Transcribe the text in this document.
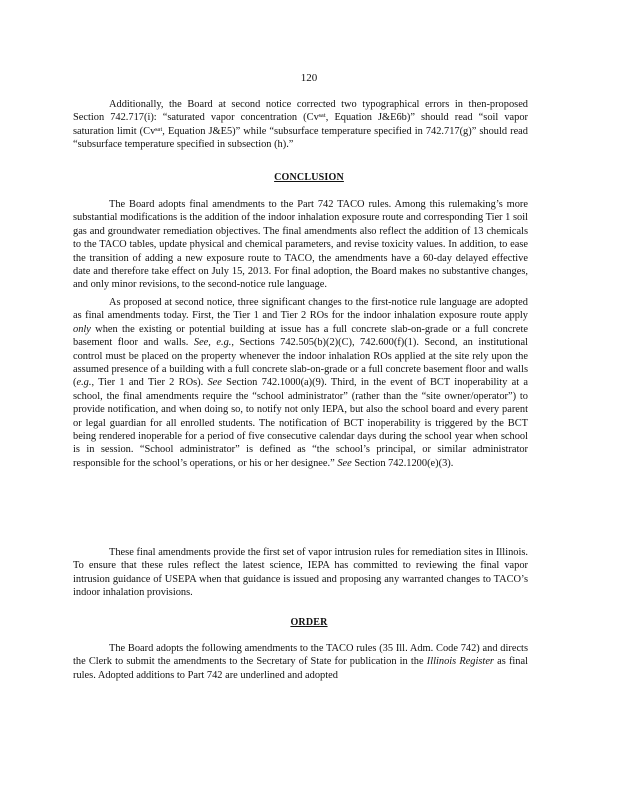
120

Additionally, the Board at second notice corrected two typographical errors in then-proposed Section 742.717(i): “saturated vapor concentration (Cvˢᵃᵗ, Equation J&E6b)” should read “soil vapor saturation limit (Cvˢᵃᵗ, Equation J&E5)” while “subsurface temperature specified in 742.717(g)” should read “subsurface temperature specified in subsection (h).”

CONCLUSION

The Board adopts final amendments to the Part 742 TACO rules. Among this rulemaking’s more substantial modifications is the addition of the indoor inhalation exposure route and corresponding Tier 1 soil gas and groundwater remediation objectives. The final amendments also reflect the addition of 13 chemicals to the TACO tables, update physical and chemical parameters, and revise toxicity values. In addition, to ease the transition of adding a new exposure route to TACO, the amendments have a 60-day delayed effective date and therefore take effect on July 15, 2013. For final adoption, the Board makes no substantive changes, and only minor revisions, to the second-notice rule language.

As proposed at second notice, three significant changes to the first-notice rule language are adopted as final amendments today. First, the Tier 1 and Tier 2 ROs for the indoor inhalation exposure route apply only when the existing or potential building at issue has a full concrete slab-on-grade or a full concrete basement floor and walls. See, e.g., Sections 742.505(b)(2)(C), 742.600(f)(1). Second, an institutional control must be placed on the property whenever the indoor inhalation ROs applied at the site rely upon the assumed presence of a building with a full concrete slab-on-grade or a full concrete basement floor and walls (e.g., Tier 1 and Tier 2 ROs). See Section 742.1000(a)(9). Third, in the event of BCT inoperability at a school, the final amendments require the “school administrator” (rather than the “site owner/operator”) to provide notification, and when doing so, to notify not only IEPA, but also the school board and every parent or legal guardian for all enrolled students. The notification of BCT inoperability is triggered by the BCT being rendered inoperable for a period of five consecutive calendar days during the school year when school is in session. “School administrator” is defined as “the school’s principal, or similar administrator responsible for the school’s operations, or his or her designee.” See Section 742.1200(e)(3).

These final amendments provide the first set of vapor intrusion rules for remediation sites in Illinois. To ensure that these rules reflect the latest science, IEPA has committed to reviewing the final vapor intrusion guidance of USEPA when that guidance is issued and proposing any warranted changes to TACO’s indoor inhalation provisions.

ORDER

The Board adopts the following amendments to the TACO rules (35 Ill. Adm. Code 742) and directs the Clerk to submit the amendments to the Secretary of State for publication in the Illinois Register as final rules. Adopted additions to Part 742 are underlined and adopted
